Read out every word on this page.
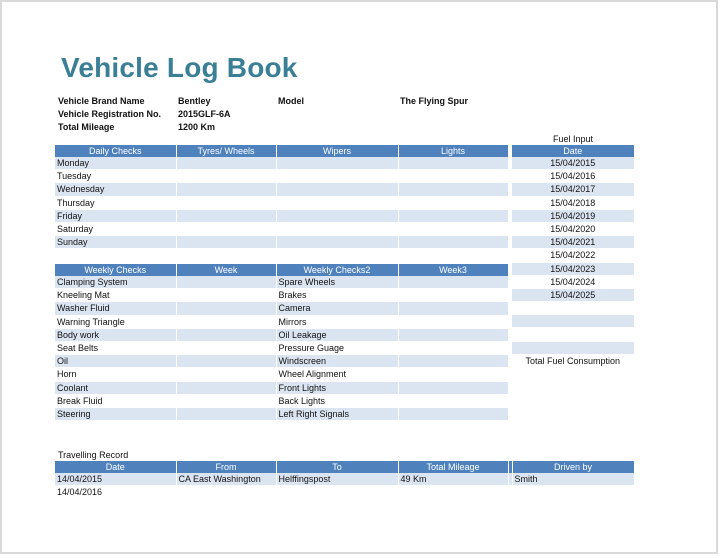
Vehicle Log Book
Vehicle Brand Name	Bentley	Model	The Flying Spur
Vehicle Registration No. 2015GLF-6A
Total Mileage	1200 Km
Daily Checks	Tyres/ Wheels	Wipers	Lights
Monday			
Tuesday			
Wednesday			
Thursday			
Friday			
Saturday			
Sunday			
Weekly Checks	Week	Weekly Checks2	Week3
Clamping System		Spare Wheels	
Kneeling Mat		Brakes	
Washer Fluid		Camera	
Warning Triangle		Mirrors	
Body work		Oil Leakage	
Seat Belts		Pressure Guage	
Oil		Windscreen	
Horn		Wheel Alignment	
Coolant		Front Lights	
Break Fluid		Back Lights	
Steering		Left Right Signals	
Fuel Input
Date
15/04/2015
15/04/2016
15/04/2017
15/04/2018
15/04/2019
15/04/2020
15/04/2021
15/04/2022
15/04/2023
15/04/2024
15/04/2025

Total Fuel Consumption
Travelling Record
Date	From	To	Total Mileage		Driven by
14/04/2015	CA East Washington	Helffingspost	49 Km		Smith
14/04/2016					
